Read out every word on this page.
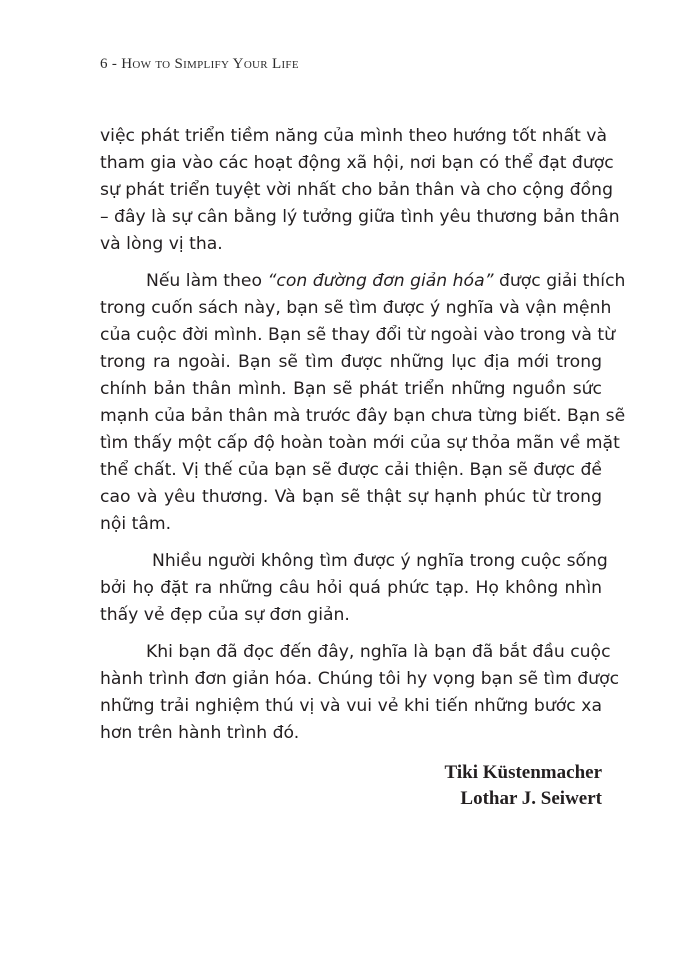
6 - How to Simplify Your Life

việc phát triển tiềm năng của mình theo hướng tốt nhất và
tham gia vào các hoạt động xã hội, nơi bạn có thể đạt được
sự phát triển tuyệt vời nhất cho bản thân và cho cộng đồng
– đây là sự cân bằng lý tưởng giữa tình yêu thương bản thân
và lòng vị tha.

Nếu làm theo “con đường đơn giản hóa” được giải thích
trong cuốn sách này, bạn sẽ tìm được ý nghĩa và vận mệnh
của cuộc đời mình. Bạn sẽ thay đổi từ ngoài vào trong và từ
trong ra ngoài. Bạn sẽ tìm được những lục địa mới trong
chính bản thân mình. Bạn sẽ phát triển những nguồn sức
mạnh của bản thân mà trước đây bạn chưa từng biết. Bạn sẽ
tìm thấy một cấp độ hoàn toàn mới của sự thỏa mãn về mặt
thể chất. Vị thế của bạn sẽ được cải thiện. Bạn sẽ được đề
cao và yêu thương. Và bạn sẽ thật sự hạnh phúc từ trong
nội tâm.

Nhiều người không tìm được ý nghĩa trong cuộc sống
bởi họ đặt ra những câu hỏi quá phức tạp. Họ không nhìn
thấy vẻ đẹp của sự đơn giản.

Khi bạn đã đọc đến đây, nghĩa là bạn đã bắt đầu cuộc
hành trình đơn giản hóa. Chúng tôi hy vọng bạn sẽ tìm được
những trải nghiệm thú vị và vui vẻ khi tiến những bước xa
hơn trên hành trình đó.

Tiki Küstenmacher
Lothar J. Seiwert
